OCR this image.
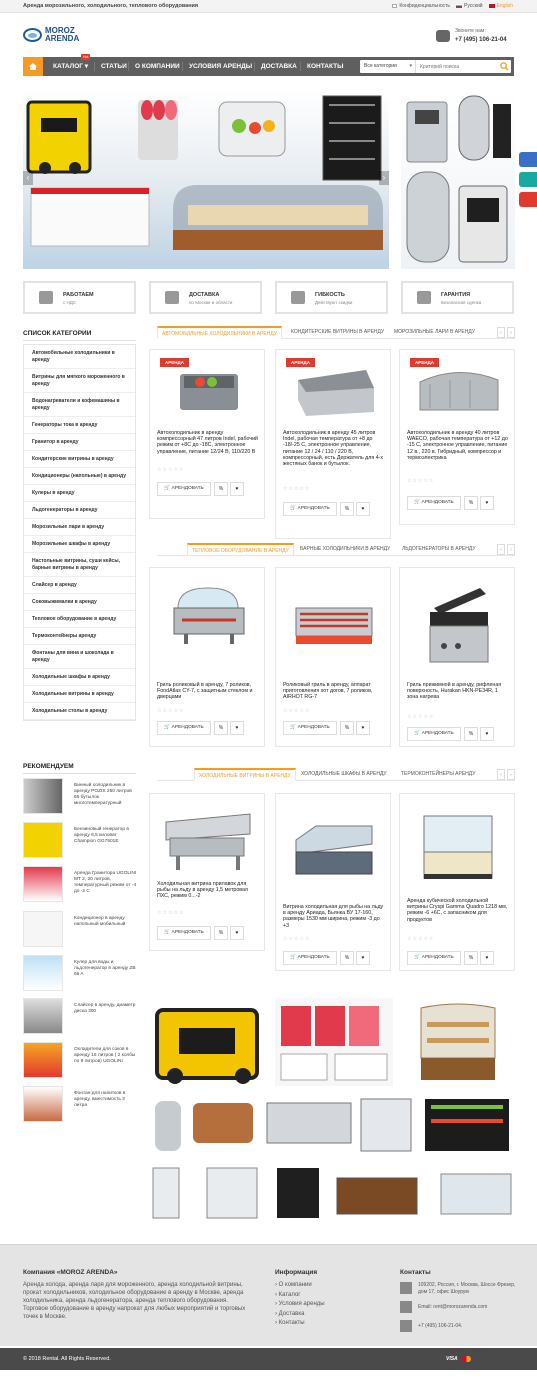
Аренда морозильного, холодильного, теплового оборудования	Конфиденциальность	Русский	English
MOROZ
ARENDA
Звоните нам:
+7 (495) 106-21-04
КАТАЛОГ ▾
Hot
СТАТЬИ	О КОМПАНИИ	УСЛОВИЯ АРЕНДЫ	ДОСТАВКА	КОНТАКТЫ	Все категории	▾
Критерий поиска
‹	›
РАБОТАЕМ
с НДС
ДОСТАВКА
по Москве и области
ГИБКОСТЬ
Действуют скидки
ГАРАНТИЯ
Безопасная сделка
СПИСОК КАТЕГОРИИ
Автомобильные холодильники в аренду
Витрины для мягкого мороженного в аренду
Водонагреватели и кофемашины в аренду
Генераторы тока в аренду
Гранитор в аренду
Кондитерские витрины в аренду
Кондиционеры (напольные) в аренду
Кулеры в аренду
Льдогенераторы в аренду
Морозильные лари в аренду
Морозильные шкафы в аренду
Настольные витрины, суши кейсы, барные витрины в аренду
Слайсер в аренду
Соковыжималки в аренду
Тепловое оборудование в аренду
Термоконтейнеры аренду
Фонтаны для вина и шоколада в аренду
Холодильные шкафы в аренду
Холодильные витрины в аренду
Холодильные столы в аренду
РЕКОМЕНДУЕМ
Винный холодильник в аренду POZIS 250 литров 65 бутылок многотемпературный
Бензиновый генератор в аренду 6,5 киловат Champion GG7501E
Аренда Гранитора UGOLINI MT 2, 20 литров, температурный режим от -4 до -2 С
Кондиционер в аренду напольный мобильный
Кулер для воды и льдогенератор в аренду ZB 66 A
Слайсер в аренду, диаметр диска 300
Охладители для соков в аренду 16 литров ( 2 колбы по 8 литров) UGOLINI
Фонтан для напитков в аренду, вместимость 3 литра
АВТОМОБИЛЬНЫЕ ХОЛОДИЛЬНИКИ В АРЕНДУ	КОНДИТЕРСКИЕ ВИТРИНЫ В АРЕНДУ	МОРОЗИЛЬНЫЕ ЛАРИ В АРЕНДУ	‹	›
АРЕНДА
Автохолодильник в аренду компрессорный 47 литров Indel, рабочий режим от +8С до -18С, электронное управление, питание 12/24 В, 110/220 В
☆☆☆☆☆
🛒 АРЕНДОВАТЬ	%	♥
АРЕНДА
Автохолодильник в аренду 45 литров Indel, рабочая температура от +8 до -18/-25 С, электронное управление, питание 12 / 24 / 110 / 220 В, компрессорный, есть Держатель для 4-х жестяных банок и бутылок.
☆☆☆☆☆
🛒 АРЕНДОВАТЬ	%	♥
АРЕНДА
Автохолодильник в аренду 40 литров WAECO, рабочая температура от +12 до -15 С, электронное управление, питание 12 в., 220 в. Гибридный, компрессор и термоэлектрика
☆☆☆☆☆
🛒 АРЕНДОВАТЬ	%	♥
ТЕПЛОВОЕ ОБОРУДОВАНИЕ В АРЕНДУ	БАРНЫЕ ХОЛОДИЛЬНИКИ В АРЕНДУ	ЛЬДОГЕНЕРАТОРЫ В АРЕНДУ	‹	›
Гриль роликовый в аренду, 7 роликов, FoodAtlas CY-7, с защитным стеклом и дверцами
☆☆☆☆☆
🛒 АРЕНДОВАТЬ	%	♥
Роликовый гриль в аренду, аппарат приготовления хот догов, 7 роликов, AIRHOT RG-7
☆☆☆☆☆
🛒 АРЕНДОВАТЬ	%	♥
Гриль прижимной в аренду, рифленая поверхность, Hurakan HKN-PE34R, 1 зона нагрева
☆☆☆☆☆
🛒 АРЕНДОВАТЬ	%	♥
ХОЛОДИЛЬНЫЕ ВИТРИНЫ В АРЕНДУ	ХОЛОДИЛЬНЫЕ ШКАФЫ В АРЕНДУ	ТЕРМОКОНТЕЙНЕРЫ АРЕНДУ	‹	›
Холодильная витрина прилавок для рыбы на льду в аренду 1,5 метровая ПХС, режим 0...-2
☆☆☆☆☆
🛒 АРЕНДОВАТЬ	%	♥
Витрина холодильная для рыбы на льду в аренду Ариада, Бьянка ВУ 17-160, размеры 1530 мм ширина, режим -3 до +3
☆☆☆☆☆
🛒 АРЕНДОВАТЬ	%	♥
Аренда кубической холодильной витрины Cryspi Gamma Quadro 1218 мм, режим -6 +6С, с запасником для продуктов
☆☆☆☆☆
🛒 АРЕНДОВАТЬ	%	♥
Компания «MOROZ ARENDA»
Аренда холода, аренда ларя для мороженного, аренда холодильной витрины, прокат холодильников, холодильное оборудование в аренду в Москве, аренда холодильника, аренда льдогенератора, аренда теплового оборудования. Торговое оборудование в аренду напрокат для любых мероприятий и торговых точек в Москве.
Информация
› О компании
› Каталог
› Условия аренды
› Доставка
› Контакты
Контакты
109202, Россия, г. Москва, Шоссе Фрезер, дом 17, офис Шоурум
Email: rent@morozarenda.com
+7 (495) 106-21-04.
© 2018 Rental. All Rights Reserved.	VISA
